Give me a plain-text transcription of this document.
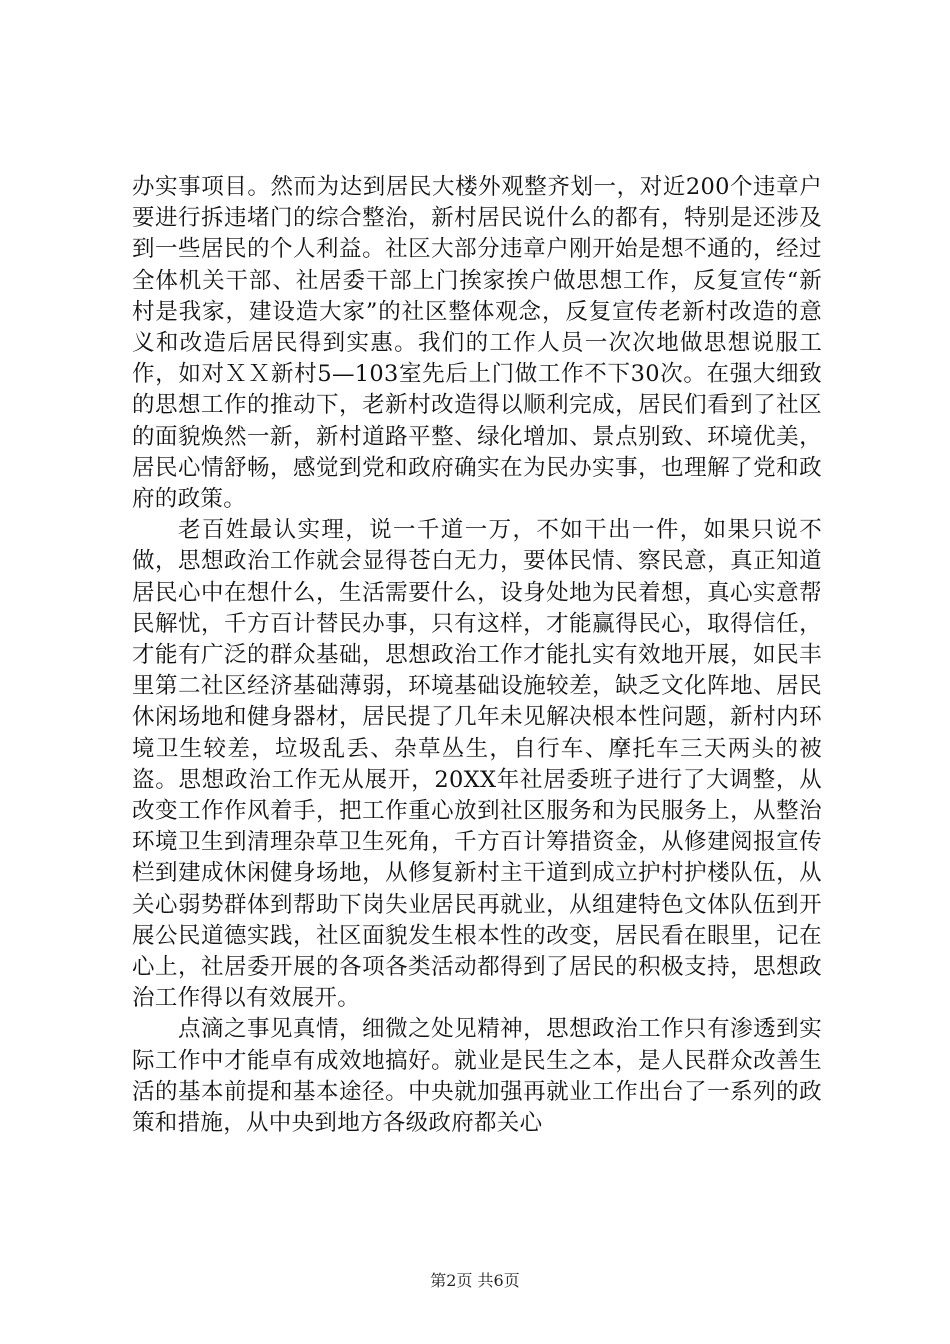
办实事项目。然而为达到居民大楼外观整齐划一，对近200个违章户要进行拆违堵门的综合整治，新村居民说什么的都有，特别是还涉及到一些居民的个人利益。社区大部分违章户刚开始是想不通的，经过全体机关干部、社居委干部上门挨家挨户做思想工作，反复宣传“新村是我家，建设造大家”的社区整体观念，反复宣传老新村改造的意义和改造后居民得到实惠。我们的工作人员一次次地做思想说服工作，如对ＸＸ新村5—103室先后上门做工作不下30次。在强大细致的思想工作的推动下，老新村改造得以顺利完成，居民们看到了社区的面貌焕然一新，新村道路平整、绿化增加、景点别致、环境优美，居民心情舒畅，感觉到党和政府确实在为民办实事，也理解了党和政府的政策。

老百姓最认实理，说一千道一万，不如干出一件，如果只说不做，思想政治工作就会显得苍白无力，要体民情、察民意，真正知道居民心中在想什么，生活需要什么，设身处地为民着想，真心实意帮民解忧，千方百计替民办事，只有这样，才能赢得民心，取得信任，才能有广泛的群众基础，思想政治工作才能扎实有效地开展，如民丰里第二社区经济基础薄弱，环境基础设施较差，缺乏文化阵地、居民休闲场地和健身器材，居民提了几年未见解决根本性问题，新村内环境卫生较差，垃圾乱丢、杂草丛生，自行车、摩托车三天两头的被盗。思想政治工作无从展开，20XX年社居委班子进行了大调整，从改变工作作风着手，把工作重心放到社区服务和为民服务上，从整治环境卫生到清理杂草卫生死角，千方百计筹措资金，从修建阅报宣传栏到建成休闲健身场地，从修复新村主干道到成立护村护楼队伍，从关心弱势群体到帮助下岗失业居民再就业，从组建特色文体队伍到开展公民道德实践，社区面貌发生根本性的改变，居民看在眼里，记在心上，社居委开展的各项各类活动都得到了居民的积极支持，思想政治工作得以有效展开。

点滴之事见真情，细微之处见精神，思想政治工作只有渗透到实际工作中才能卓有成效地搞好。就业是民生之本，是人民群众改善生活的基本前提和基本途径。中央就加强再就业工作出台了一系列的政策和措施，从中央到地方各级政府都关心

第2页 共6页
